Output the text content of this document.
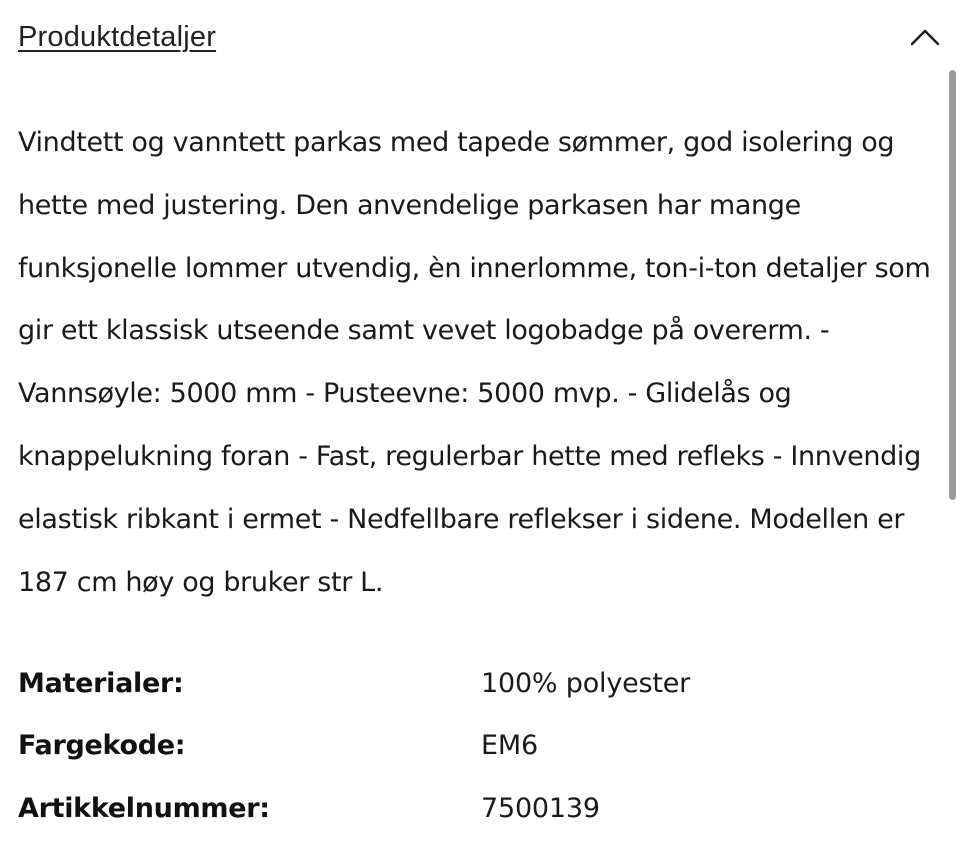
Produktdetaljer

Vindtett og vanntett parkas med tapede sømmer, god isolering og hette med justering. Den anvendelige parkasen har mange funksjonelle lommer utvendig, èn innerlomme, ton-i-ton detaljer som gir ett klassisk utseende samt vevet logobadge på overerm. - Vannsøyle: 5000 mm - Pusteevne: 5000 mvp. - Glidelås og knappelukning foran - Fast, regulerbar hette med refleks - Innvendig elastisk ribkant i ermet - Nedfellbare reflekser i sidene. Modellen er 187 cm høy og bruker str L.

Materialer:	100% polyester
Fargekode:	EM6
Artikkelnummer:	7500139
